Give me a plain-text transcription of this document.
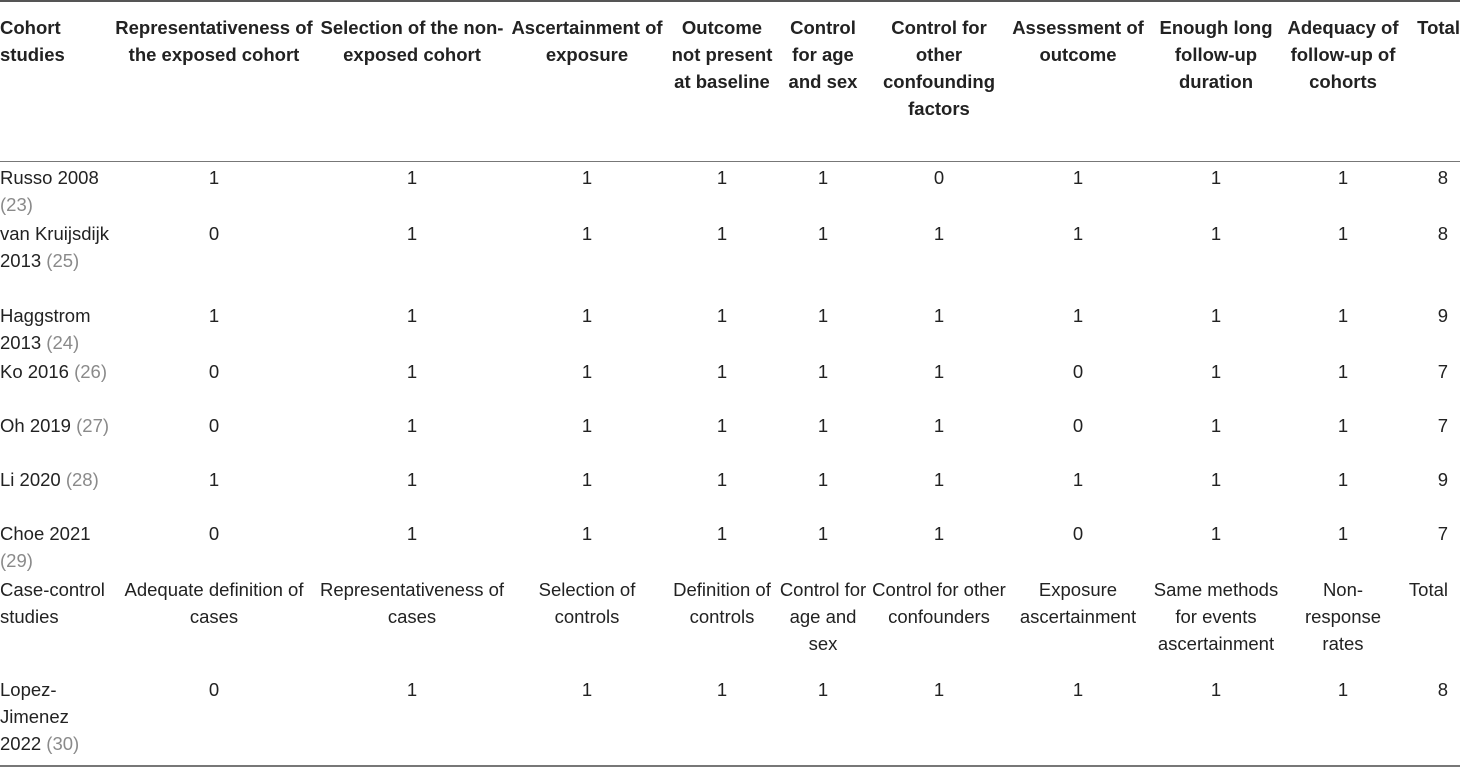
Cohort studies	Representativeness of the exposed cohort	Selection of the non-exposed cohort	Ascertainment of exposure	Outcome not present at baseline	Control for age and sex	Control for other confounding factors	Assessment of outcome	Enough long follow-up duration	Adequacy of follow-up of cohorts	Total
Russo 2008 (23)	1	1	1	1	1	0	1	1	1	8
van Kruijsdijk 2013 (25)	0	1	1	1	1	1	1	1	1	8
Haggstrom 2013 (24)	1	1	1	1	1	1	1	1	1	9
Ko 2016 (26)	0	1	1	1	1	1	0	1	1	7
Oh 2019 (27)	0	1	1	1	1	1	0	1	1	7
Li 2020 (28)	1	1	1	1	1	1	1	1	1	9
Choe 2021 (29)	0	1	1	1	1	1	0	1	1	7
Case-control studies	Adequate definition of cases	Representativeness of cases	Selection of controls	Definition of controls	Control for age and sex	Control for other confounders	Exposure ascertainment	Same methods for events ascertainment	Non-response rates	Total
Lopez-Jimenez 2022 (30)	0	1	1	1	1	1	1	1	1	8
